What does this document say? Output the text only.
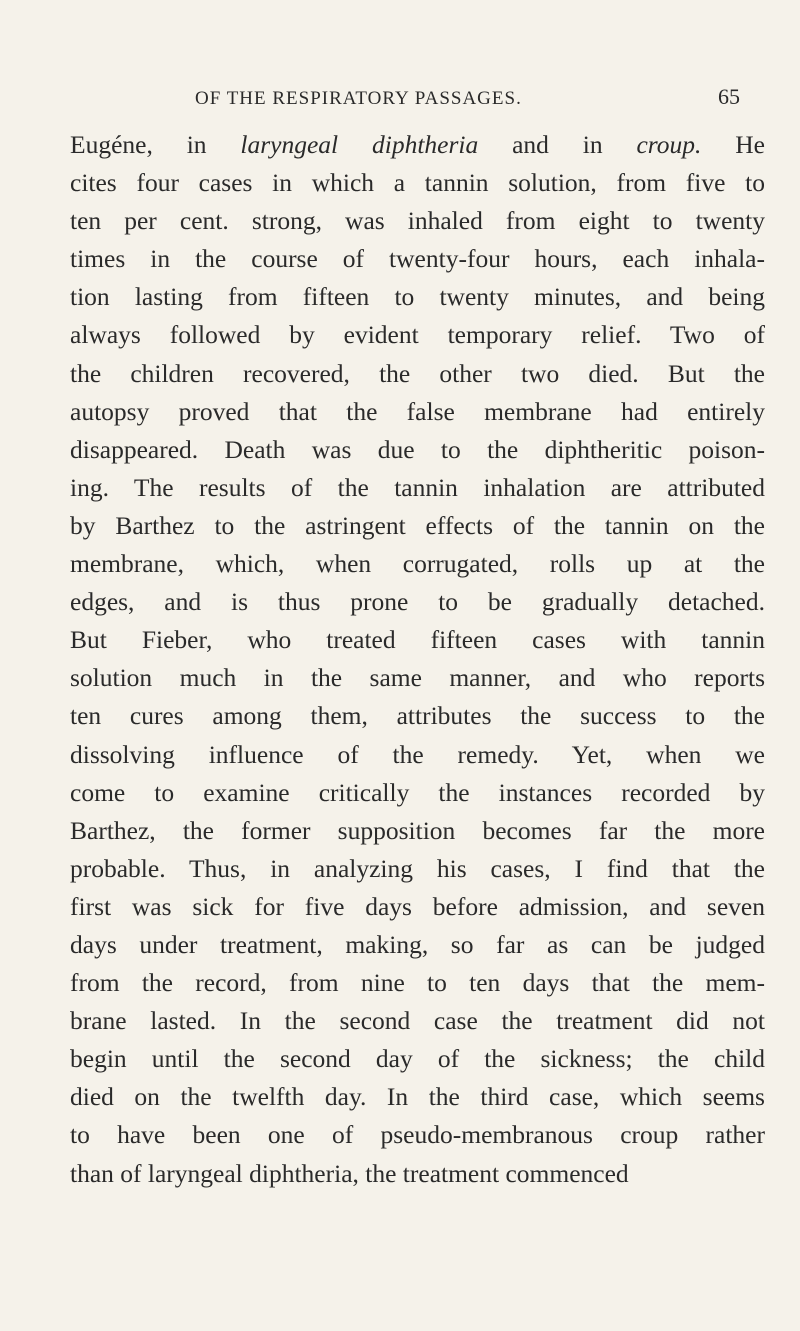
OF THE RESPIRATORY PASSAGES.	65
Eugéne, in laryngeal diphtheria and in croup. He
cites four cases in which a tannin solution, from five to
ten per cent. strong, was inhaled from eight to twenty
times in the course of twenty-four hours, each inhala-
tion lasting from fifteen to twenty minutes, and being
always followed by evident temporary relief. Two of
the children recovered, the other two died. But the
autopsy proved that the false membrane had entirely
disappeared. Death was due to the diphtheritic poison-
ing. The results of the tannin inhalation are attributed
by Barthez to the astringent effects of the tannin on the
membrane, which, when corrugated, rolls up at the
edges, and is thus prone to be gradually detached.
But Fieber, who treated fifteen cases with tannin
solution much in the same manner, and who reports
ten cures among them, attributes the success to the
dissolving influence of the remedy. Yet, when we
come to examine critically the instances recorded by
Barthez, the former supposition becomes far the more
probable. Thus, in analyzing his cases, I find that the
first was sick for five days before admission, and seven
days under treatment, making, so far as can be judged
from the record, from nine to ten days that the mem-
brane lasted. In the second case the treatment did not
begin until the second day of the sickness; the child
died on the twelfth day. In the third case, which seems
to have been one of pseudo-membranous croup rather
than of laryngeal diphtheria, the treatment commenced
